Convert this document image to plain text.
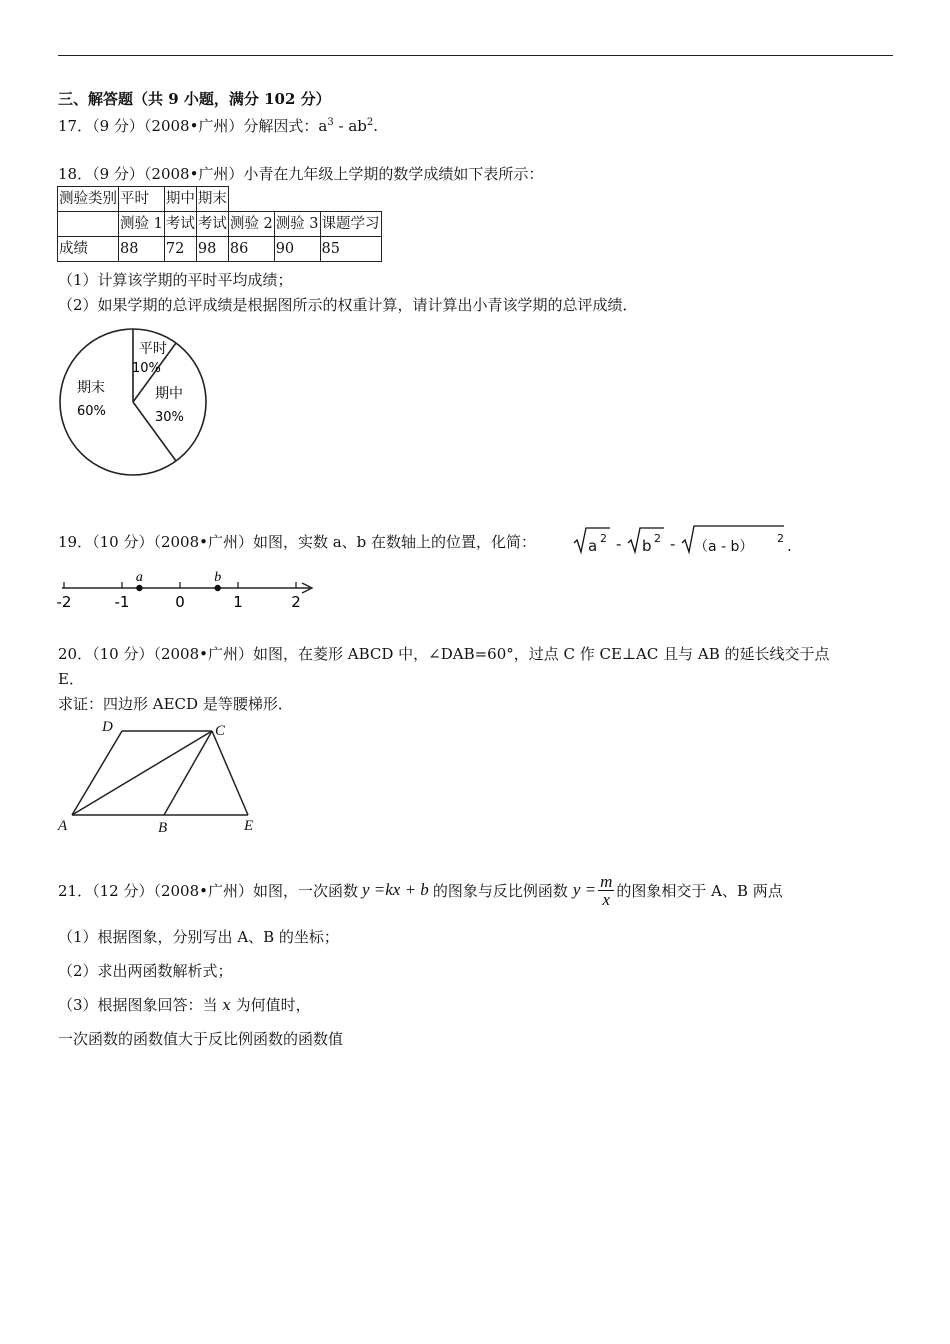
三、解答题（共 9 小题，满分 102 分）
17．（9 分）（2008•广州）分解因式：$a^3 - ab^2$.
18．（9 分）（2008•广州）小青在九年级上学期的数学成绩如下表所示：
测验类别	平时	期中	期末			
	测验 1	考试	考试	测验 2	测验 3	课题学习
成绩	88	72	98	86	90	85
（1）计算该学期的平时平均成绩；
（2）如果学期的总评成绩是根据图所示的权重计算，请计算出小青该学期的总评成绩．
平时
10%
期中
30%
期末
60%
19．（10 分）（2008•广州）如图，实数 a、b 在数轴上的位置，化简：	a 2 - b 2 - （a - b）
2 .
-2	-1	0	1	2
a	b
20．（10 分）（2008•广州）如图，在菱形 ABCD 中，∠DAB=60°，过点 C 作 CE⊥AC 且与 AB 的延长线交于点
E．
求证：四边形 AECD 是等腰梯形．
D	C
A	B	E
21．（12 分）（2008•广州）如图，一次函数 y =kx + b 的图象与反比例函数 $y = \frac{m}{x}$ 的图象相交于 A、B 两点
（1）根据图象，分别写出 A、B 的坐标；
（2）求出两函数解析式；
（3）根据图象回答：当 x 为何值时，
一次函数的函数值大于反比例函数的函数值
